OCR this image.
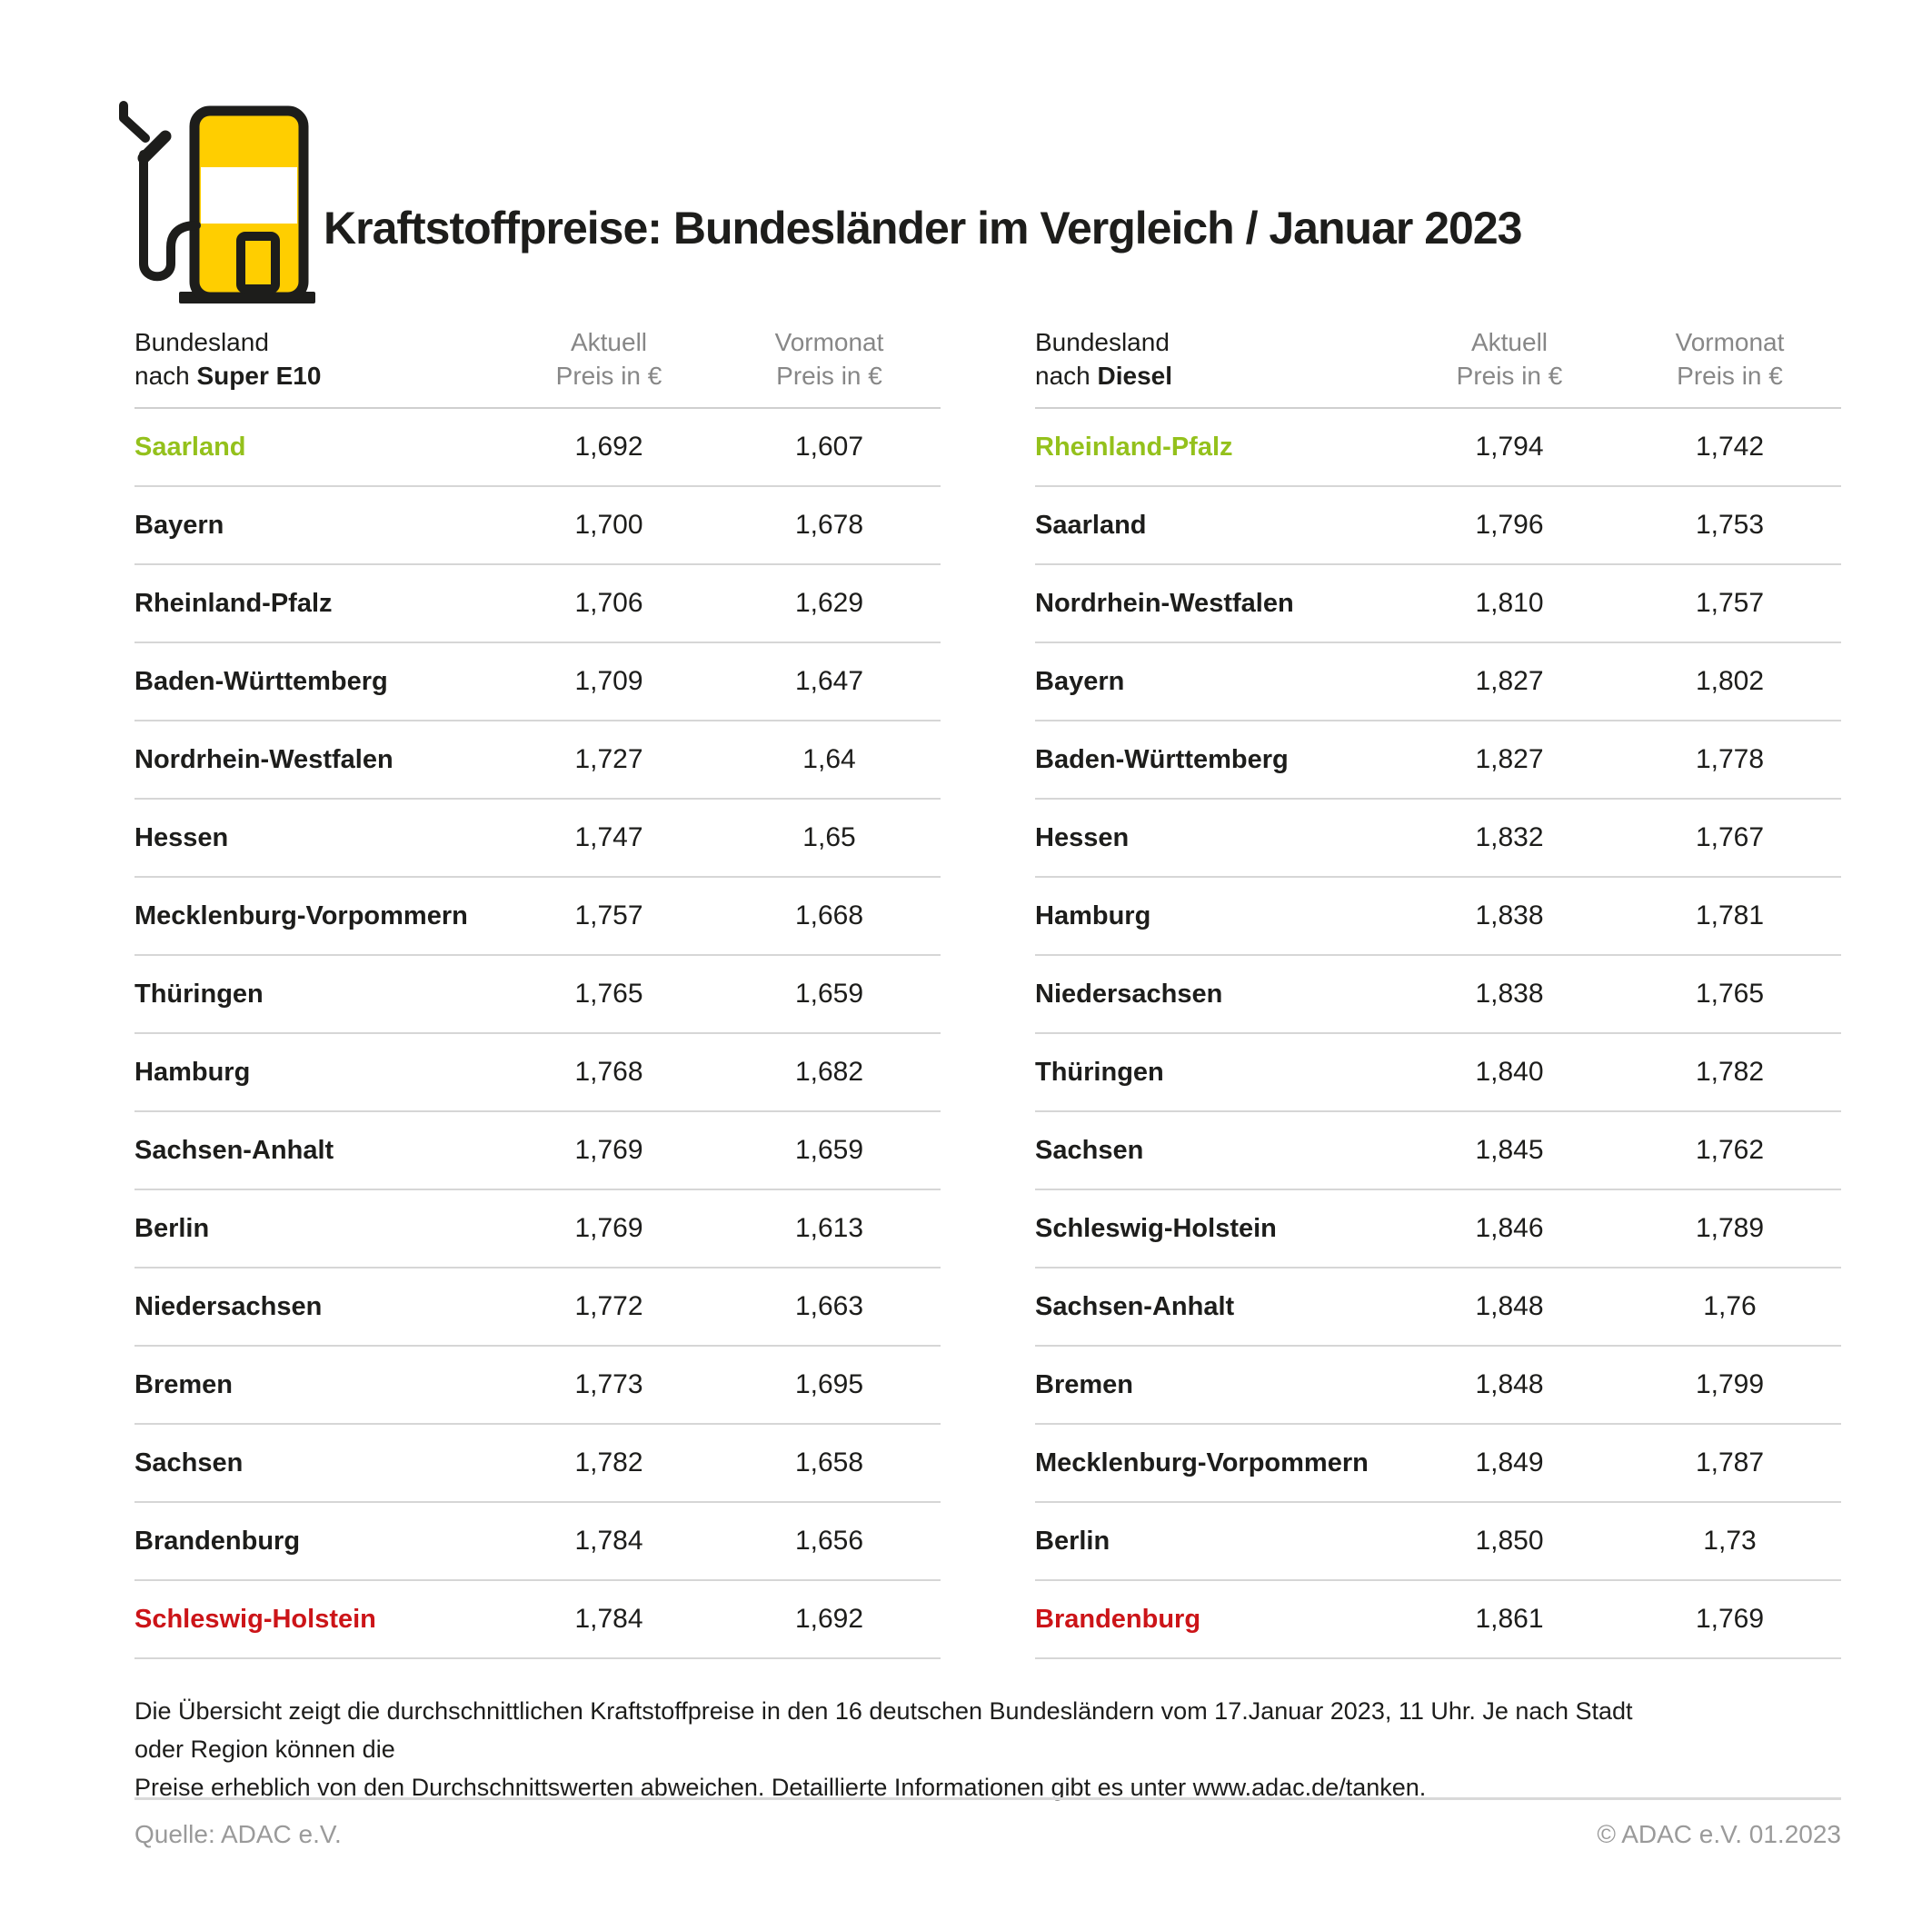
Kraftstoffpreise: Bundesländer im Vergleich / Januar 2023
Bundesland
nach Super E10
Aktuell
Preis in €
Vormonat
Preis in €
Saarland	1,692	1,607
Bayern	1,700	1,678
Rheinland-Pfalz	1,706	1,629
Baden-Württemberg	1,709	1,647
Nordrhein-Westfalen	1,727	1,64
Hessen	1,747	1,65
Mecklenburg-Vorpommern	1,757	1,668
Thüringen	1,765	1,659
Hamburg	1,768	1,682
Sachsen-Anhalt	1,769	1,659
Berlin	1,769	1,613
Niedersachsen	1,772	1,663
Bremen	1,773	1,695
Sachsen	1,782	1,658
Brandenburg	1,784	1,656
Schleswig-Holstein	1,784	1,692
Bundesland
nach Diesel
Aktuell
Preis in €
Vormonat
Preis in €
Rheinland-Pfalz	1,794	1,742
Saarland	1,796	1,753
Nordrhein-Westfalen	1,810	1,757
Bayern	1,827	1,802
Baden-Württemberg	1,827	1,778
Hessen	1,832	1,767
Hamburg	1,838	1,781
Niedersachsen	1,838	1,765
Thüringen	1,840	1,782
Sachsen	1,845	1,762
Schleswig-Holstein	1,846	1,789
Sachsen-Anhalt	1,848	1,76
Bremen	1,848	1,799
Mecklenburg-Vorpommern	1,849	1,787
Berlin	1,850	1,73
Brandenburg	1,861	1,769
Die Übersicht zeigt die durchschnittlichen Kraftstoffpreise in den 16 deutschen Bundesländern vom 17.Januar 2023, 11 Uhr. Je nach Stadt oder Region können die
Preise erheblich von den Durchschnittswerten abweichen. Detaillierte Informationen gibt es unter www.adac.de/tanken.
Quelle: ADAC e.V.	© ADAC e.V. 01.2023
